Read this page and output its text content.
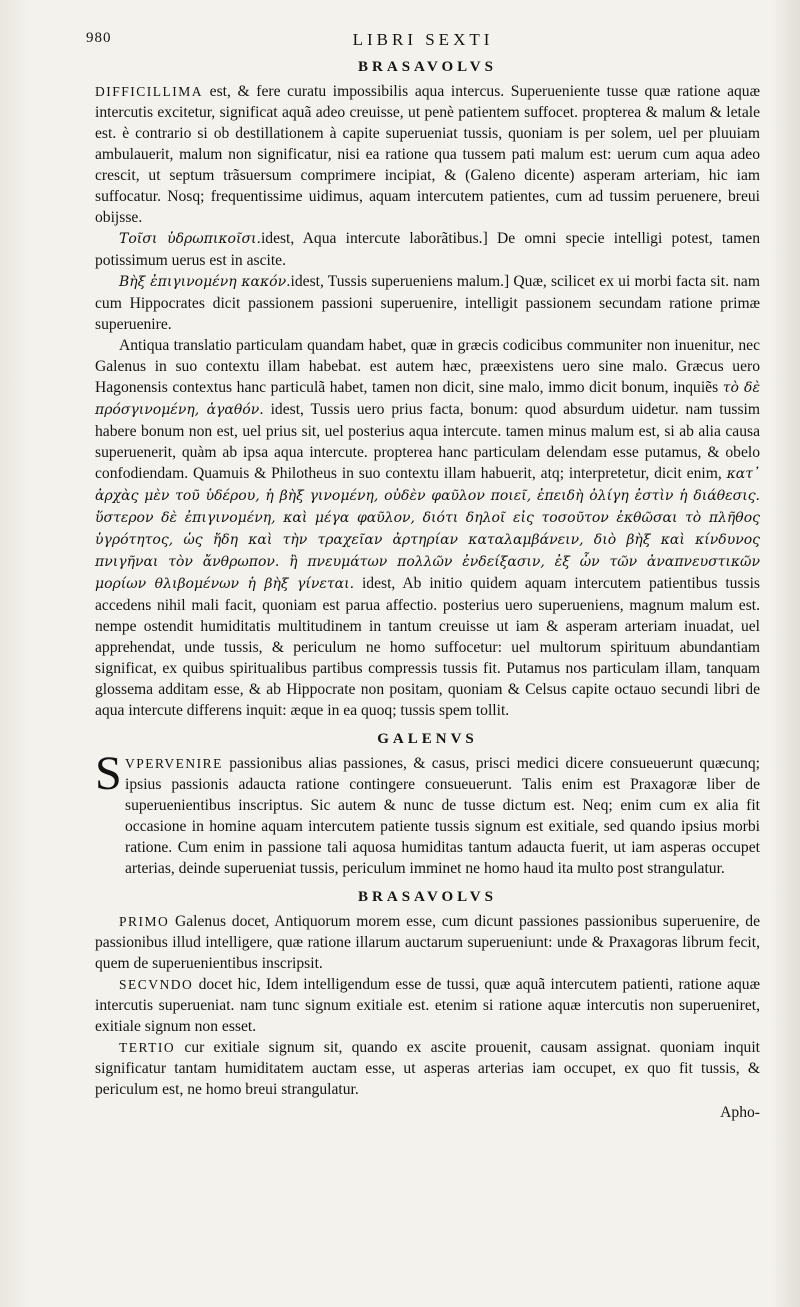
980	LIBRI SEXTI
BRASAVOLVS

DIFFICILLIMA est, & fere curatu impossibilis aqua intercus. Superueniente tusse quæ ratione aquæ intercutis excitetur, significat aquã adeo creuisse, ut penè patientem suffocet. propterea & malum & letale est. è contrario si ob destillationem à capite superueniat tussis, quoniam is per solem, uel per pluuiam ambulauerit, malum non significatur, nisi ea ratione qua tussem pati malum est: uerum cum aqua adeo crescit, ut septum trãsuersum comprimere incipiat, & (Galeno dicente) asperam arteriam, hic iam suffocatur. Nosq; frequentissime uidimus, aquam intercutem patientes, cum ad tussim peruenere, breui obijsse.

Τοῖσι ὑδρωπικοῖσι.idest, Aqua intercute laborãtibus.] De omni specie intelligi potest, tamen potissimum uerus est in ascite.

Βὴξ ἐπιγινομένη κακόν.idest, Tussis superueniens malum.] Quæ, scilicet ex ui morbi facta sit. nam cum Hippocrates dicit passionem passioni superuenire, intelligit passionem secundam ratione primæ superuenire.

Antiqua translatio particulam quandam habet, quæ in græcis codicibus communiter non inuenitur, nec Galenus in suo contextu illam habebat. est autem hæc, præexistens uero sine malo. Græcus uero Hagonensis contextus hanc particulã habet, tamen non dicit, sine malo, immo dicit bonum, inquiẽs τὸ δὲ πρόσγινομένη, ἀγαθόν. idest, Tussis uero prius facta, bonum: quod absurdum uidetur. nam tussim habere bonum non est, uel prius sit, uel posterius aqua intercute. tamen minus malum est, si ab alia causa superuenerit, quàm ab ipsa aqua intercute. propterea hanc particulam delendam esse putamus, & obelo confodiendam. Quamuis & Philotheus in suo contextu illam habuerit, atq; interpretetur, dicit enim, κατ᾽ ἀρχὰς μὲν τοῦ ὑδέρου, ἡ βὴξ γινομένη, οὐδὲν φαῦλον ποιεῖ, ἐπειδὴ ὀλίγη ἐστὶν ἡ διάθεσις. ὕστερον δὲ ἐπιγινομένη, καὶ μέγα φαῦλον, διότι δηλοῖ εἰς τοσοῦτον ἐκθῶσαι τὸ πλῆθος ὑγρότητος, ὡς ἤδη καὶ τὴν τραχεῖαν ἀρτηρίαν καταλαμβάνειν, διὸ βὴξ καὶ κίνδυνος πνιγῆναι τὸν ἄνθρωπον. ἢ πνευμάτων πολλῶν ἐνδείξασιν, ἐξ ὧν τῶν ἀναπνευστικῶν μορίων θλιβομένων ἡ βὴξ γίνεται. idest, Ab initio quidem aquam intercutem patientibus tussis accedens nihil mali facit, quoniam est parua affectio. posterius uero superueniens, magnum malum est. nempe ostendit humiditatis multitudinem in tantum creuisse ut iam & asperam arteriam inuadat, uel apprehendat, unde tussis, & periculum ne homo suffocetur: uel multorum spirituum abundantiam significat, ex quibus spiritualibus partibus compressis tussis fit. Putamus nos particulam illam, tanquam glossema additam esse, & ab Hippocrate non positam, quoniam & Celsus capite octauo secundi libri de aqua intercute differens inquit: æque in ea quoq; tussis spem tollit.

GALENVS

S VPERVENIRE passionibus alias passiones, & casus, prisci medici dicere consueuerunt quæcunq; ipsius passionis adaucta ratione contingere consueuerunt. Talis enim est Praxagoræ liber de superuenientibus inscriptus. Sic autem & nunc de tusse dictum est. Neq; enim cum ex alia fit occasione in homine aquam intercutem patiente tussis signum est exitiale, sed quando ipsius morbi ratione. Cum enim in passione tali aquosa humiditas tantum adaucta fuerit, ut iam asperas occupet arterias, deinde superueniat tussis, periculum imminet ne homo haud ita multo post strangulatur.

BRASAVOLVS

PRIMO Galenus docet, Antiquorum morem esse, cum dicunt passiones passionibus superuenire, de passionibus illud intelligere, quæ ratione illarum auctarum superueniunt: unde & Praxagoras librum fecit, quem de superuenientibus inscripsit.

SECVNDO docet hic, Idem intelligendum esse de tussi, quæ aquã intercutem patienti, ratione aquæ intercutis superueniat. nam tunc signum exitiale est. etenim si ratione aquæ intercutis non superueniret, exitiale signum non esset.

TERTIO cur exitiale signum sit, quando ex ascite prouenit, causam assignat. quoniam inquit significatur tantam humiditatem auctam esse, ut asperas arterias iam occupet, ex quo fit tussis, & periculum est, ne homo breui strangulatur.

Apho-
